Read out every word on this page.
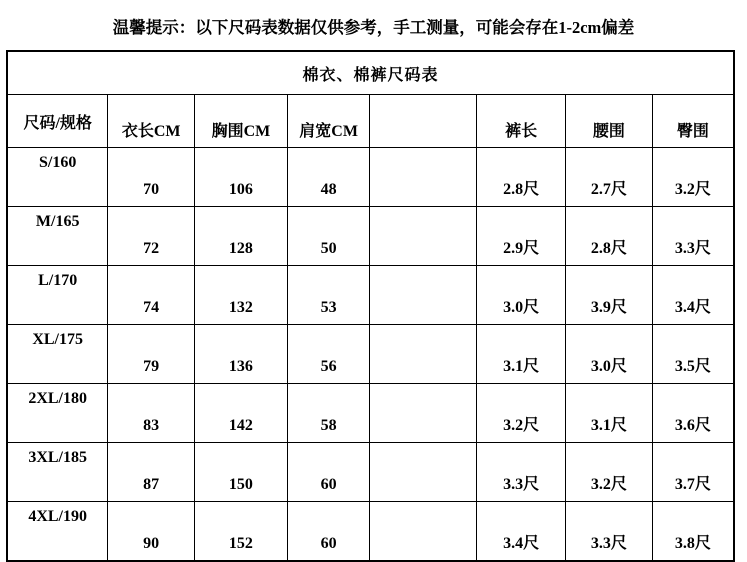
温馨提示：以下尺码表数据仅供参考，手工测量，可能会存在1-2cm偏差
棉衣、棉裤尺码表							
尺码/规格	衣长CM	胸围CM	肩宽CM		裤长	腰围	臀围
S/160	70	106	48		2.8尺	2.7尺	3.2尺
M/165	72	128	50		2.9尺	2.8尺	3.3尺
L/170	74	132	53		3.0尺	3.9尺	3.4尺
XL/175	79	136	56		3.1尺	3.0尺	3.5尺
2XL/180	83	142	58		3.2尺	3.1尺	3.6尺
3XL/185	87	150	60		3.3尺	3.2尺	3.7尺
4XL/190	90	152	60		3.4尺	3.3尺	3.8尺
